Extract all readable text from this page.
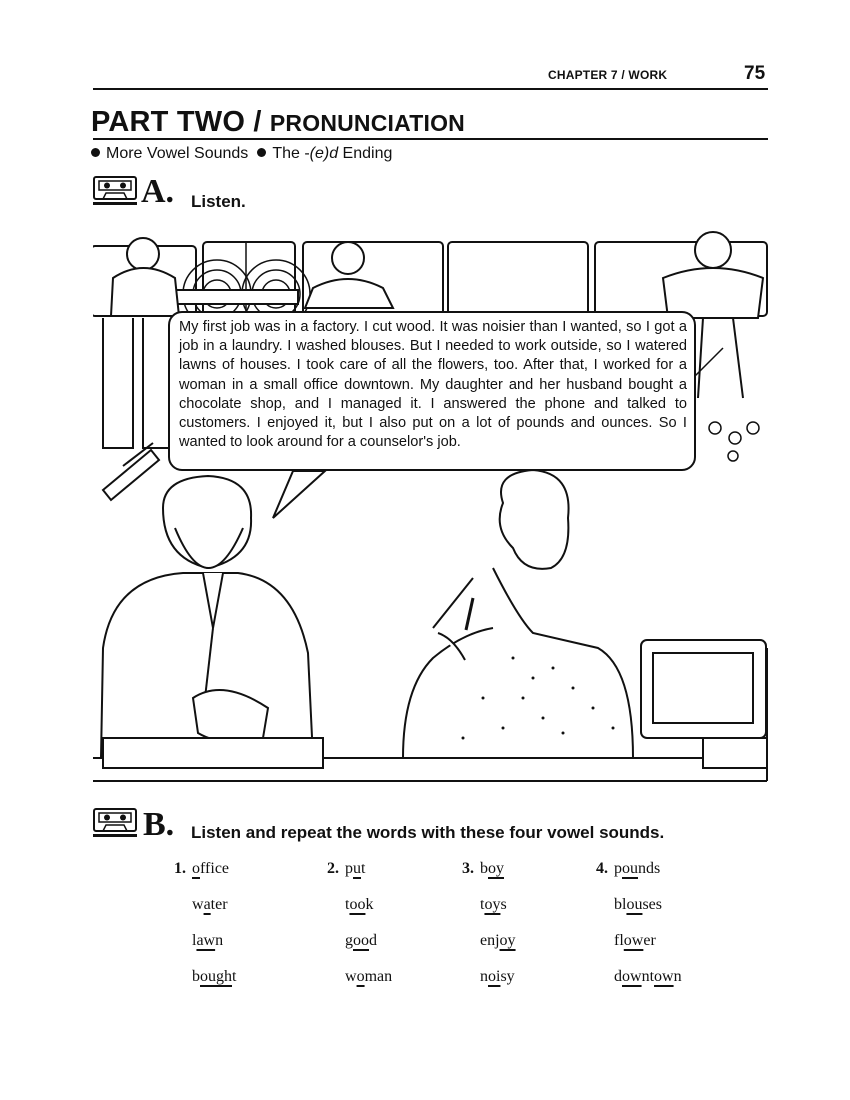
CHAPTER 7 / WORK	75
PART TWO / PRONUNCIATION
More Vowel Sounds The -(e)d Ending
A. Listen.
My first job was in a factory. I cut wood. It was noisier than I wanted, so I got a job in a laundry. I washed blouses. But I needed to work outside, so I watered lawns of houses. I took care of all the flowers, too. After that, I worked for a woman in a small office downtown. My daughter and her husband bought a chocolate shop, and I managed it. I answered the phone and talked to customers. I enjoyed it, but I also put on a lot of pounds and ounces. So I wanted to look around for a counselor's job.
B. Listen and repeat the words with these four vowel sounds.
1. office
water
lawn
bought
2. put
took
good
woman
3. boy
toys
enjoy
noisy
4. pounds
blouses
flower
downtown
